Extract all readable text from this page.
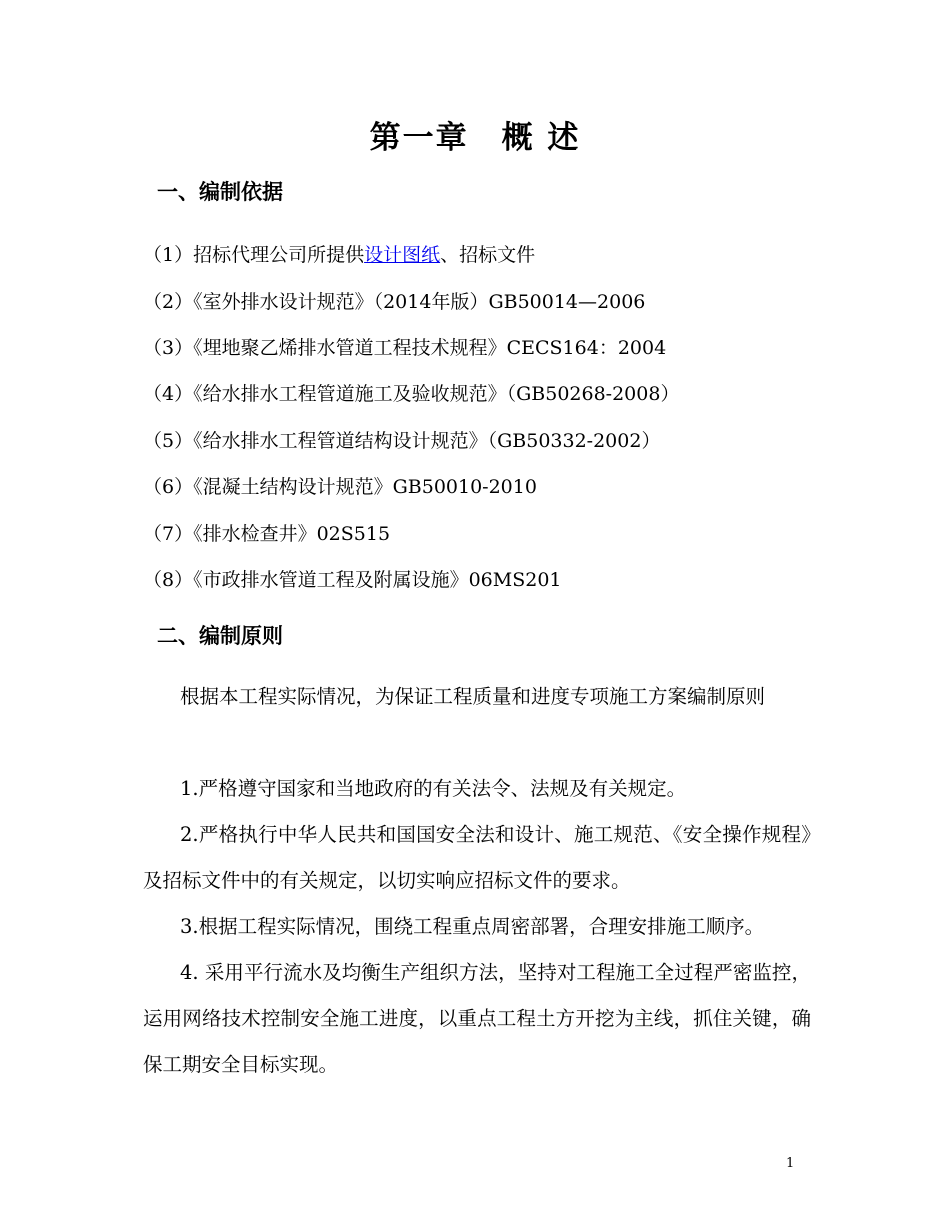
第一章　概 述
一、编制依据
（1）招标代理公司所提供设计图纸、招标文件
（2）《室外排水设计规范》（2014年版）GB50014—2006
（3）《埋地聚乙烯排水管道工程技术规程》CECS164：2004
（4）《给水排水工程管道施工及验收规范》（GB50268-2008）
（5）《给水排水工程管道结构设计规范》（GB50332-2002）
（6）《混凝土结构设计规范》GB50010-2010
（7）《排水检查井》02S515
（8）《市政排水管道工程及附属设施》06MS201
二、编制原则
根据本工程实际情况，为保证工程质量和进度专项施工方案编制原则
1.严格遵守国家和当地政府的有关法令、法规及有关规定。
2.严格执行中华人民共和国国安全法和设计、施工规范、《安全操作规程》及招标文件中的有关规定，以切实响应招标文件的要求。
3.根据工程实际情况，围绕工程重点周密部署，合理安排施工顺序。
4. 采用平行流水及均衡生产组织方法，坚持对工程施工全过程严密监控，运用网络技术控制安全施工进度，以重点工程土方开挖为主线，抓住关键，确保工期安全目标实现。
1
